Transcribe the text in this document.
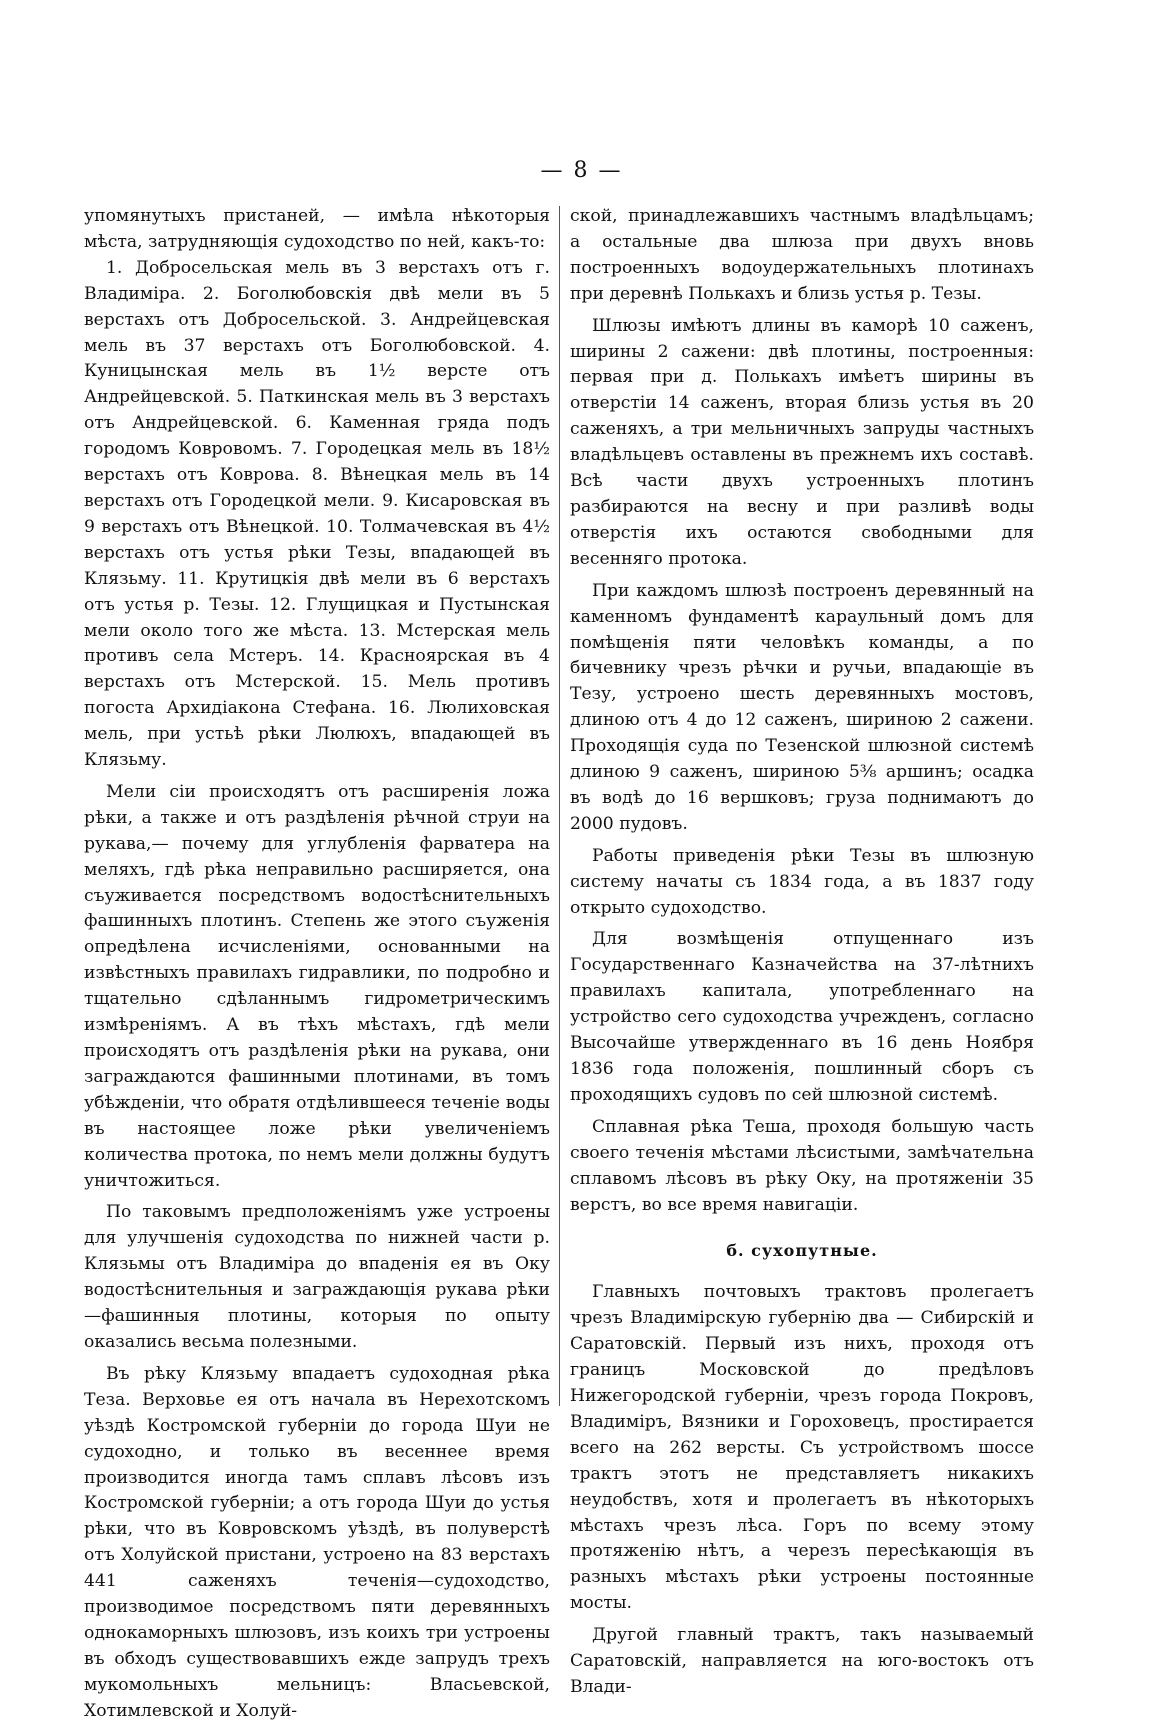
— 8 —

упомянутыхъ пристаней, — имѣла нѣкоторыя мѣста, затрудняющія судоходство по ней, какъ-то:

1. Добросельская мель въ 3 верстахъ отъ г. Владиміра. 2. Боголюбовскія двѣ мели въ 5 верстахъ отъ Добросельской. 3. Андрейцевская мель въ 37 верстахъ отъ Боголюбовской. 4. Куницынская мель въ 1½ версте отъ Андрейцевской. 5. Паткинская мель въ 3 верстахъ отъ Андрейцевской. 6. Каменная гряда подъ городомъ Ковровомъ. 7. Городецкая мель въ 18½ верстахъ отъ Коврова. 8. Вѣнецкая мель въ 14 верстахъ отъ Городецкой мели. 9. Кисаровская въ 9 верстахъ отъ Вѣнецкой. 10. Толмачевская въ 4½ верстахъ отъ устья рѣки Тезы, впадающей въ Клязьму. 11. Крутицкія двѣ мели въ 6 верстахъ отъ устья р. Тезы. 12. Глущицкая и Пустынская мели около того же мѣста. 13. Мстерская мель противъ села Мстеръ. 14. Красноярская въ 4 верстахъ отъ Мстерской. 15. Мель противъ погоста Архидіакона Стефана. 16. Люлиховская мель, при устьѣ рѣки Люлюхъ, впадающей въ Клязьму.

Мели сіи происходятъ отъ расширенія ложа рѣки, а также и отъ раздѣленія рѣчной струи на рукава,— почему для углубленія фарватера на меляхъ, гдѣ рѣка неправильно расширяется, она съуживается посредствомъ водостѣснительныхъ фашинныхъ плотинъ. Степень же этого съуженія опредѣлена исчисленіями, основанными на извѣстныхъ правилахъ гидравлики, по подробно и тщательно сдѣланнымъ гидрометрическимъ измѣреніямъ. А въ тѣхъ мѣстахъ, гдѣ мели происходятъ отъ раздѣленія рѣки на рукава, они заграждаются фашинными плотинами, въ томъ убѣжденіи, что обратя отдѣлившееся теченіе воды въ настоящее ложе рѣки увеличеніемъ количества протока, по немъ мели должны будутъ уничтожиться.

По таковымъ предположеніямъ уже устроены для улучшенія судоходства по нижней части р. Клязьмы отъ Владиміра до впаденія ея въ Оку водостѣснительныя и заграждающія рукава рѣки—фашинныя плотины, которыя по опыту оказались весьма полезными.

Въ рѣку Клязьму впадаетъ судоходная рѣка Теза. Верховье ея отъ начала въ Нерехотскомъ уѣздѣ Костромской губерніи до города Шуи не судоходно, и только въ весеннее время производится иногда тамъ сплавъ лѣсовъ изъ Костромской губерніи; а отъ города Шуи до устья рѣки, что въ Ковровскомъ уѣздѣ, въ полуверстѣ отъ Холуйской пристани, устроено на 83 верстахъ 441 саженяхъ теченія—судоходство, производимое посредствомъ пяти деревянныхъ однокаморныхъ шлюзовъ, изъ коихъ три устроены въ обходъ существовавшихъ ежде запрудъ трехъ мукомольныхъ мельницъ: Власьевской, Хотимлевской и Холуй-

ской, принадлежавшихъ частнымъ владѣльцамъ; а остальные два шлюза при двухъ вновь построенныхъ водоудержательныхъ плотинахъ при деревнѣ Полькахъ и близь устья р. Тезы.

Шлюзы имѣютъ длины въ каморѣ 10 саженъ, ширины 2 сажени: двѣ плотины, построенныя: первая при д. Полькахъ имѣетъ ширины въ отверстіи 14 саженъ, вторая близь устья въ 20 саженяхъ, а три мельничныхъ запруды частныхъ владѣльцевъ оставлены въ прежнемъ ихъ составѣ. Всѣ части двухъ устроенныхъ плотинъ разбираются на весну и при разливѣ воды отверстія ихъ остаются свободными для весенняго протока.

При каждомъ шлюзѣ построенъ деревянный на каменномъ фундаментѣ караульный домъ для помѣщенія пяти человѣкъ команды, а по бичевнику чрезъ рѣчки и ручьи, впадающіе въ Тезу, устроено шесть деревянныхъ мостовъ, длиною отъ 4 до 12 саженъ, шириною 2 сажени. Проходящія суда по Тезенской шлюзной системѣ длиною 9 саженъ, шириною 5⅜ аршинъ; осадка въ водѣ до 16 вершковъ; груза поднимаютъ до 2000 пудовъ.

Работы приведенія рѣки Тезы въ шлюзную систему начаты съ 1834 года, а въ 1837 году открыто судоходство.

Для возмѣщенія отпущеннаго изъ Государственнаго Казначейства на 37-лѣтнихъ правилахъ капитала, употребленнаго на устройство сего судоходства учрежденъ, согласно Высочайше утвержденнаго въ 16 день Ноября 1836 года положенія, пошлинный сборъ съ проходящихъ судовъ по сей шлюзной системѣ.

Сплавная рѣка Теша, проходя большую часть своего теченія мѣстами лѣсистыми, замѣчательна сплавомъ лѣсовъ въ рѣку Оку, на протяженіи 35 верстъ, во все время навигаціи.

б. сухопутные.

Главныхъ почтовыхъ трактовъ пролегаетъ чрезъ Владимірскую губернію два — Сибирскій и Саратовскій. Первый изъ нихъ, проходя отъ границъ Московской до предѣловъ Нижегородской губерніи, чрезъ города Покровъ, Владиміръ, Вязники и Гороховецъ, простирается всего на 262 версты. Съ устройствомъ шоссе трактъ этотъ не представляетъ никакихъ неудобствъ, хотя и пролегаетъ въ нѣкоторыхъ мѣстахъ чрезъ лѣса. Горъ по всему этому протяженію нѣтъ, а черезъ пересѣкающія въ разныхъ мѣстахъ рѣки устроены постоянные мосты.

Другой главный трактъ, такъ называемый Саратовскій, направляется на юго-востокъ отъ Влади-
